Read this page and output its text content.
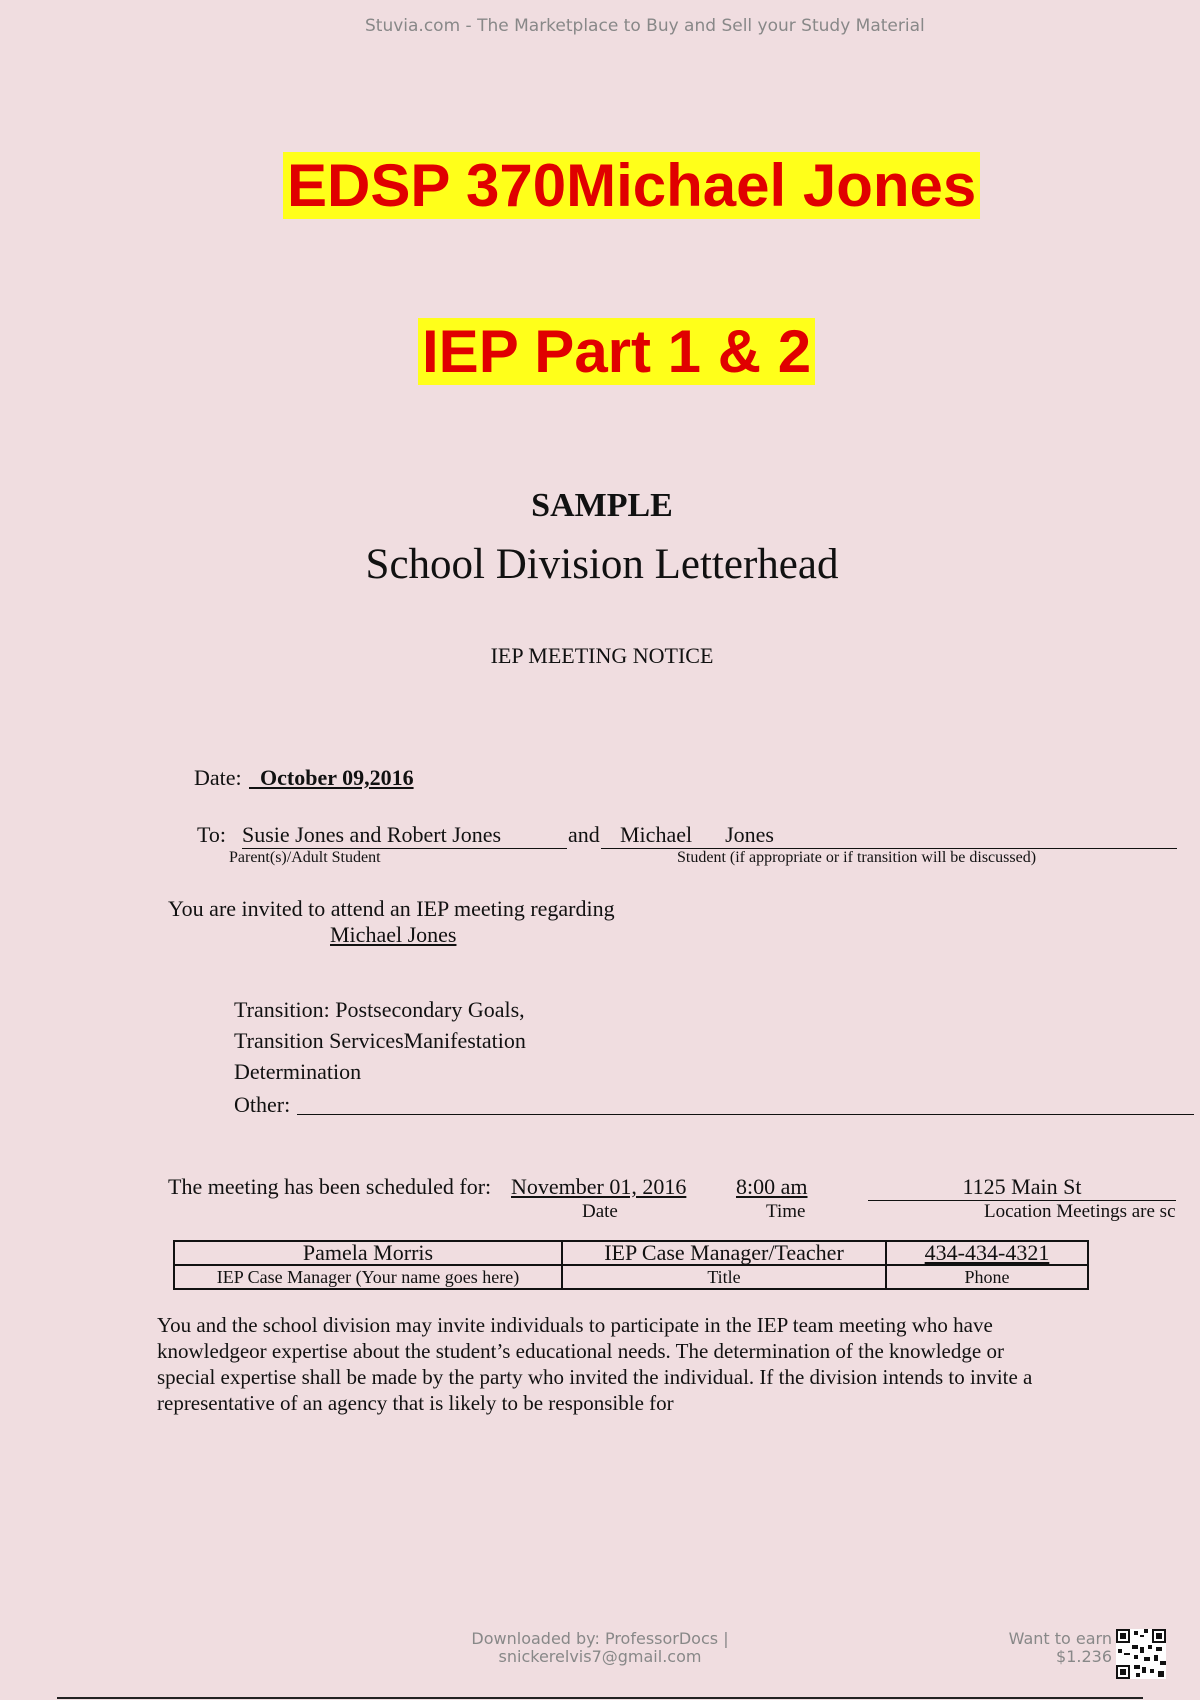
Stuvia.com - The Marketplace to Buy and Sell your Study Material
EDSP 370Michael Jones
IEP Part 1 & 2
SAMPLE
School Division Letterhead
IEP MEETING NOTICE
Date: October 09,2016
To: Susie Jones and Robert Jones	and Michael      Jones
Parent(s)/Adult Student	Student (if appropriate or if transition will be discussed)
You are invited to attend an IEP meeting regarding
Michael Jones
Transition: Postsecondary Goals,
Transition ServicesManifestation
Determination
Other:
The meeting has been scheduled for: November 01, 2016 8:00 am	1125 Main St
Date	Time	Location Meetings are sc
Pamela Morris	IEP Case Manager/Teacher	434-434-4321
IEP Case Manager (Your name goes here)	Title	Phone
You and the school division may invite individuals to participate in the IEP team meeting who have knowledgeor expertise about the student’s educational needs. The determination of the knowledge or special expertise shall be made by the party who invited the individual. If the division intends to invite a representative of an agency that is likely to be responsible for
Downloaded by: ProfessorDocs |
snickerelvis7@gmail.com
Want to earn
$1.236
